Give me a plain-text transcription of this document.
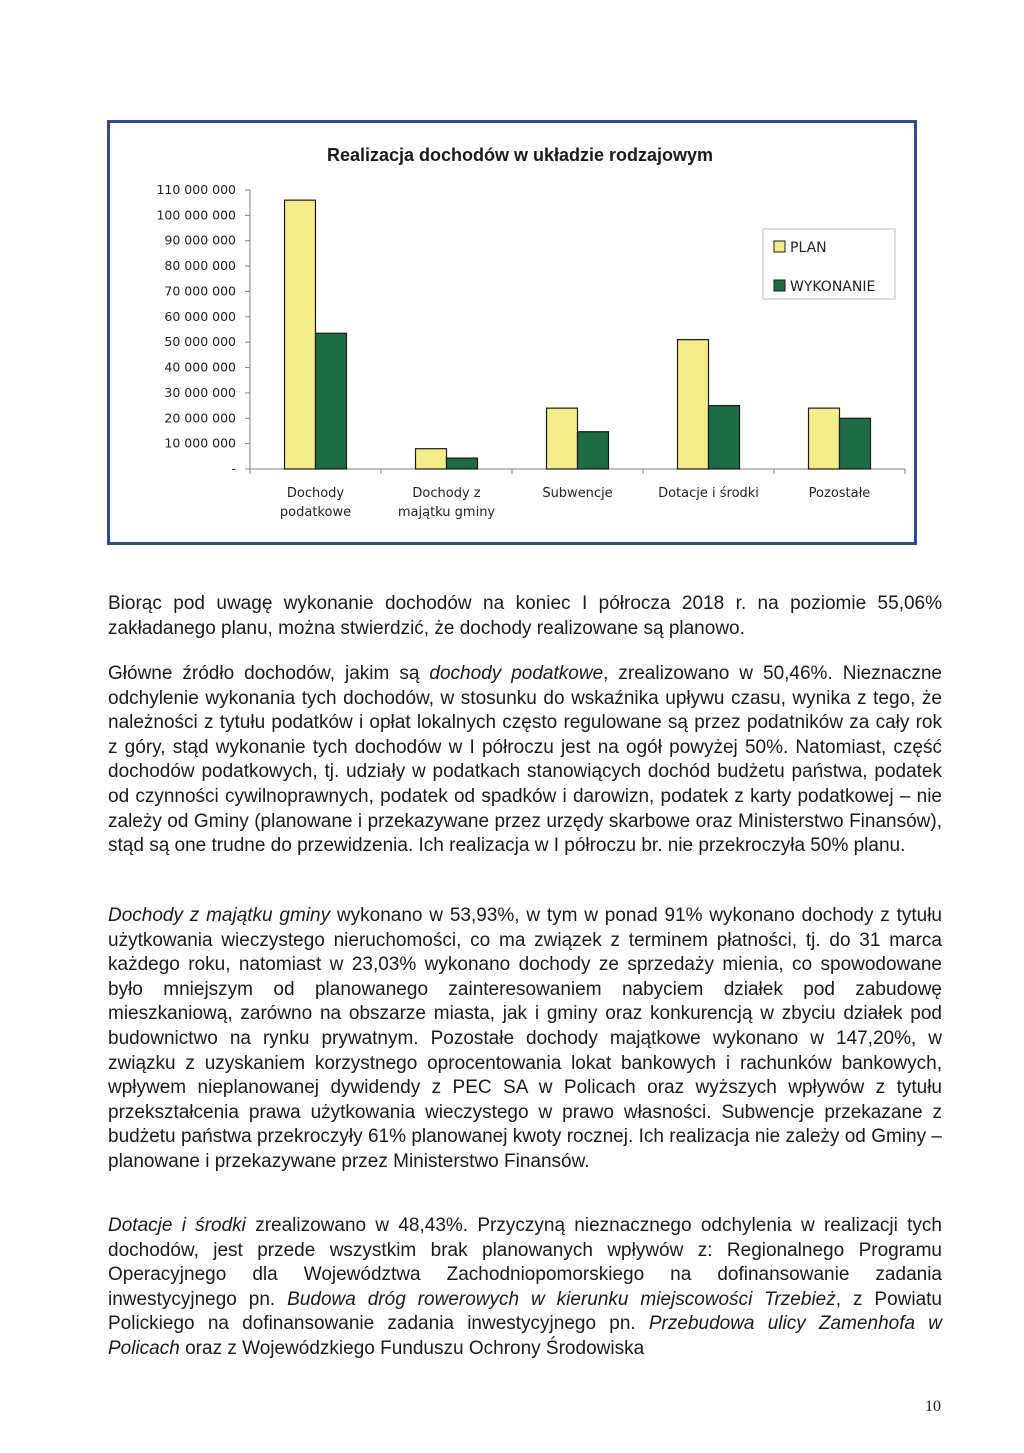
Realizacja dochodów w układzie rodzajowym
-
10 000 000
20 000 000
30 000 000
40 000 000
50 000 000
60 000 000
70 000 000
80 000 000
90 000 000
100 000 000
110 000 000
Dochody
podatkowe
Dochody z
majątku gminy
Subwencje	Dotacje i środki	Pozostałe
PLAN
WYKONANIE

Biorąc pod uwagę wykonanie dochodów na koniec I półrocza 2018 r. na poziomie 55,06% zakładanego planu, można stwierdzić, że dochody realizowane są planowo.

Główne źródło dochodów, jakim są dochody podatkowe, zrealizowano w 50,46%. Nieznaczne odchylenie wykonania tych dochodów, w stosunku do wskaźnika upływu czasu, wynika z tego, że należności z tytułu podatków i opłat lokalnych często regulowane są przez podatników za cały rok z góry, stąd wykonanie tych dochodów w I półroczu jest na ogół powyżej 50%. Natomiast, część dochodów podatkowych, tj. udziały w podatkach stanowiących dochód budżetu państwa, podatek od czynności cywilnoprawnych, podatek od spadków i darowizn, podatek z karty podatkowej – nie zależy od Gminy (planowane i przekazywane przez urzędy skarbowe oraz Ministerstwo Finansów), stąd są one trudne do przewidzenia. Ich realizacja w I półroczu br. nie przekroczyła 50% planu.

Dochody z majątku gminy wykonano w 53,93%, w tym w ponad 91% wykonano dochody z tytułu użytkowania wieczystego nieruchomości, co ma związek z terminem płatności, tj. do 31 marca każdego roku, natomiast w 23,03% wykonano dochody ze sprzedaży mienia, co spowodowane było mniejszym od planowanego zainteresowaniem nabyciem działek pod zabudowę mieszkaniową, zarówno na obszarze miasta, jak i gminy oraz konkurencją w zbyciu działek pod budownictwo na rynku prywatnym. Pozostałe dochody majątkowe wykonano w 147,20%, w związku z uzyskaniem korzystnego oprocentowania lokat bankowych i rachunków bankowych, wpływem nieplanowanej dywidendy z PEC SA w Policach oraz wyższych wpływów z tytułu przekształcenia prawa użytkowania wieczystego w prawo własności. Subwencje przekazane z budżetu państwa przekroczyły 61% planowanej kwoty rocznej. Ich realizacja nie zależy od Gminy – planowane i przekazywane przez Ministerstwo Finansów.

Dotacje i środki zrealizowano w 48,43%. Przyczyną nieznacznego odchylenia w realizacji tych dochodów, jest przede wszystkim brak planowanych wpływów z: Regionalnego Programu Operacyjnego dla Województwa Zachodniopomorskiego na dofinansowanie zadania inwestycyjnego pn. Budowa dróg rowerowych w kierunku miejscowości Trzebież, z Powiatu Polickiego na dofinansowanie zadania inwestycyjnego pn. Przebudowa ulicy Zamenhofa w Policach oraz z Wojewódzkiego Funduszu Ochrony Środowiska

10
